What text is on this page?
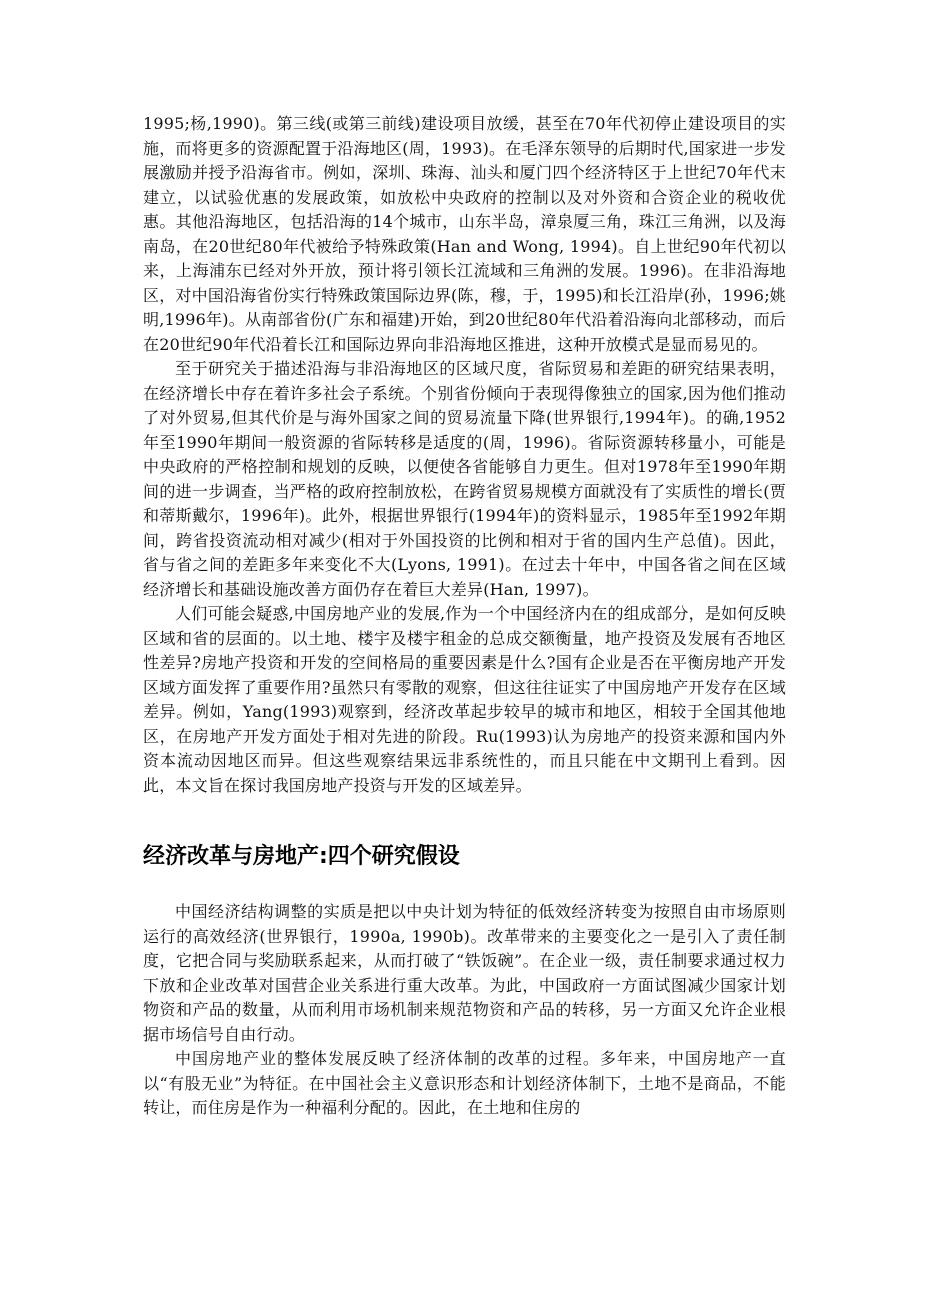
1995;杨,1990)。第三线(或第三前线)建设项目放缓，甚至在70年代初停止建设项目的实施，而将更多的资源配置于沿海地区(周，1993)。在毛泽东领导的后期时代,国家进一步发展激励并授予沿海省市。例如，深圳、珠海、汕头和厦门四个经济特区于上世纪70年代末建立，以试验优惠的发展政策，如放松中央政府的控制以及对外资和合资企业的税收优惠。其他沿海地区，包括沿海的14个城市，山东半岛，漳泉厦三角，珠江三角洲，以及海南岛，在20世纪80年代被给予特殊政策(Han and Wong, 1994)。自上世纪90年代初以来，上海浦东已经对外开放，预计将引领长江流域和三角洲的发展。1996)。在非沿海地区，对中国沿海省份实行特殊政策国际边界(陈，穆，于，1995)和长江沿岸(孙，1996;姚明,1996年)。从南部省份(广东和福建)开始，到20世纪80年代沿着沿海向北部移动，而后在20世纪90年代沿着长江和国际边界向非沿海地区推进，这种开放模式是显而易见的。

至于研究关于描述沿海与非沿海地区的区域尺度，省际贸易和差距的研究结果表明，在经济增长中存在着许多社会子系统。个别省份倾向于表现得像独立的国家,因为他们推动了对外贸易,但其代价是与海外国家之间的贸易流量下降(世界银行,1994年)。的确,1952年至1990年期间一般资源的省际转移是适度的(周，1996)。省际资源转移量小，可能是中央政府的严格控制和规划的反映，以便使各省能够自力更生。但对1978年至1990年期间的进一步调查，当严格的政府控制放松，在跨省贸易规模方面就没有了实质性的增长(贾和蒂斯戴尔，1996年)。此外，根据世界银行(1994年)的资料显示，1985年至1992年期间，跨省投资流动相对减少(相对于外国投资的比例和相对于省的国内生产总值)。因此，省与省之间的差距多年来变化不大(Lyons, 1991)。在过去十年中，中国各省之间在区域经济增长和基础设施改善方面仍存在着巨大差异(Han, 1997)。

人们可能会疑惑,中国房地产业的发展,作为一个中国经济内在的组成部分，是如何反映区域和省的层面的。以土地、楼宇及楼宇租金的总成交额衡量，地产投资及发展有否地区性差异?房地产投资和开发的空间格局的重要因素是什么?国有企业是否在平衡房地产开发区域方面发挥了重要作用?虽然只有零散的观察，但这往往证实了中国房地产开发存在区域差异。例如，Yang(1993)观察到，经济改革起步较早的城市和地区，相较于全国其他地区，在房地产开发方面处于相对先进的阶段。Ru(1993)认为房地产的投资来源和国内外资本流动因地区而异。但这些观察结果远非系统性的，而且只能在中文期刊上看到。因此，本文旨在探讨我国房地产投资与开发的区域差异。

经济改革与房地产:四个研究假设

中国经济结构调整的实质是把以中央计划为特征的低效经济转变为按照自由市场原则运行的高效经济(世界银行，1990a, 1990b)。改革带来的主要变化之一是引入了责任制度，它把合同与奖励联系起来，从而打破了“铁饭碗”。在企业一级，责任制要求通过权力下放和企业改革对国营企业关系进行重大改革。为此，中国政府一方面试图减少国家计划物资和产品的数量，从而利用市场机制来规范物资和产品的转移，另一方面又允许企业根据市场信号自由行动。

中国房地产业的整体发展反映了经济体制的改革的过程。多年来，中国房地产一直以“有股无业”为特征。在中国社会主义意识形态和计划经济体制下，土地不是商品，不能转让，而住房是作为一种福利分配的。因此，在土地和住房的
